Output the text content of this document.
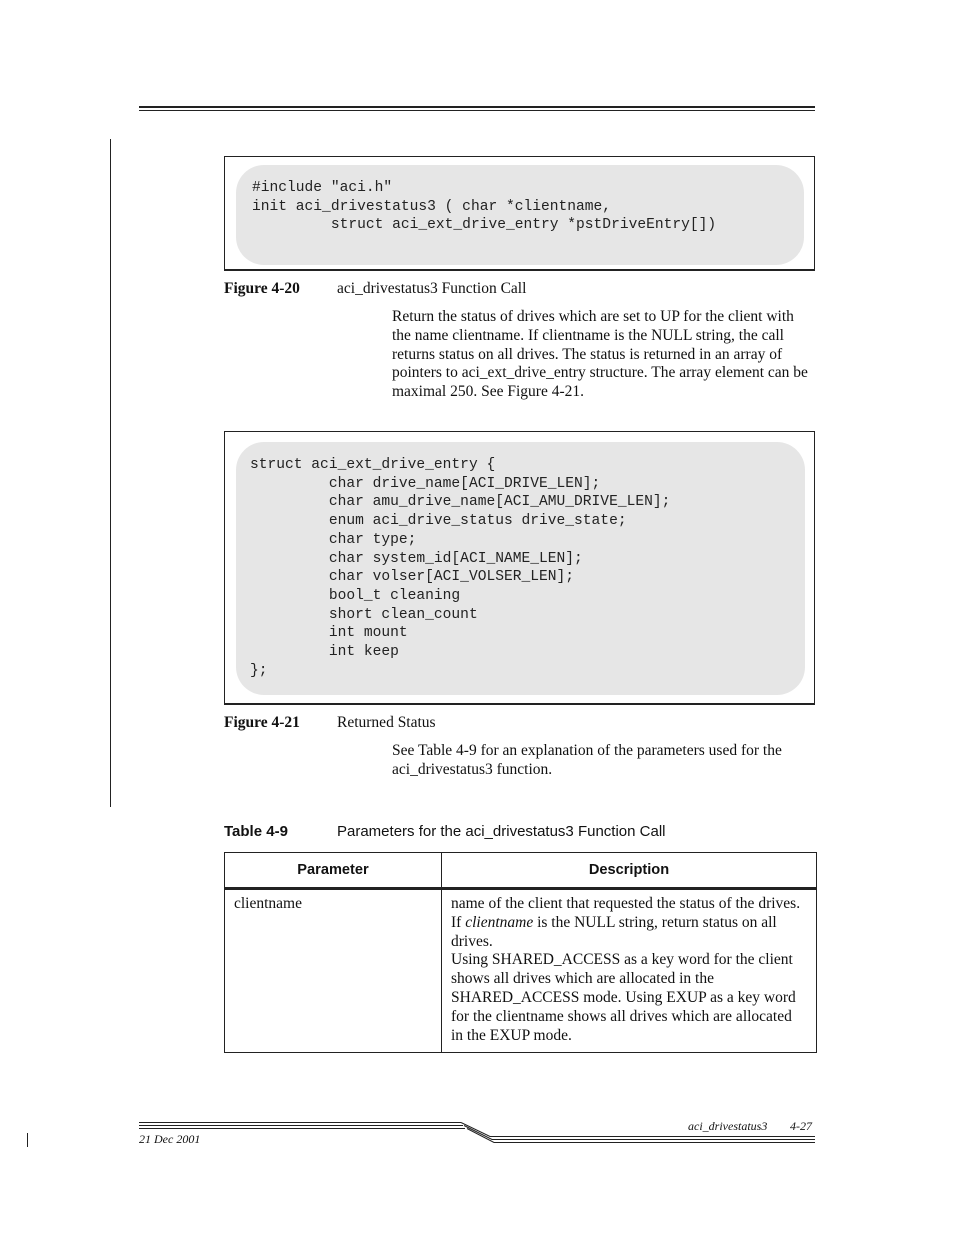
#include "aci.h"
init aci_drivestatus3 ( char *clientname,
struct aci_ext_drive_entry *pstDriveEntry[])
Figure 4-20 aci_drivestatus3 Function Call
Return the status of drives which are set to UP for the client with the name clientname. If clientname is the NULL string, the call returns status on all drives. The status is returned in an array of pointers to aci_ext_drive_entry structure. The array element can be maximal 250. See Figure 4-21.
struct aci_ext_drive_entry {
char drive_name[ACI_DRIVE_LEN];
char amu_drive_name[ACI_AMU_DRIVE_LEN];
enum aci_drive_status drive_state;
char type;
char system_id[ACI_NAME_LEN];
char volser[ACI_VOLSER_LEN];
bool_t cleaning
short clean_count
int mount
int keep
};
Figure 4-21 Returned Status
See Table 4-9 for an explanation of the parameters used for the aci_drivestatus3 function.
Table 4-9	Parameters for the aci_drivestatus3 Function Call
Parameter	Description
clientname	name of the client that requested the status of the drives. If clientname is the NULL string, return status on all drives.
Using SHARED_ACCESS as a key word for the client shows all drives which are allocated in the SHARED_ACCESS mode. Using EXUP as a key word for the clientname shows all drives which are allocated in the EXUP mode.
aci_drivestatus3 4-27
21 Dec 2001
